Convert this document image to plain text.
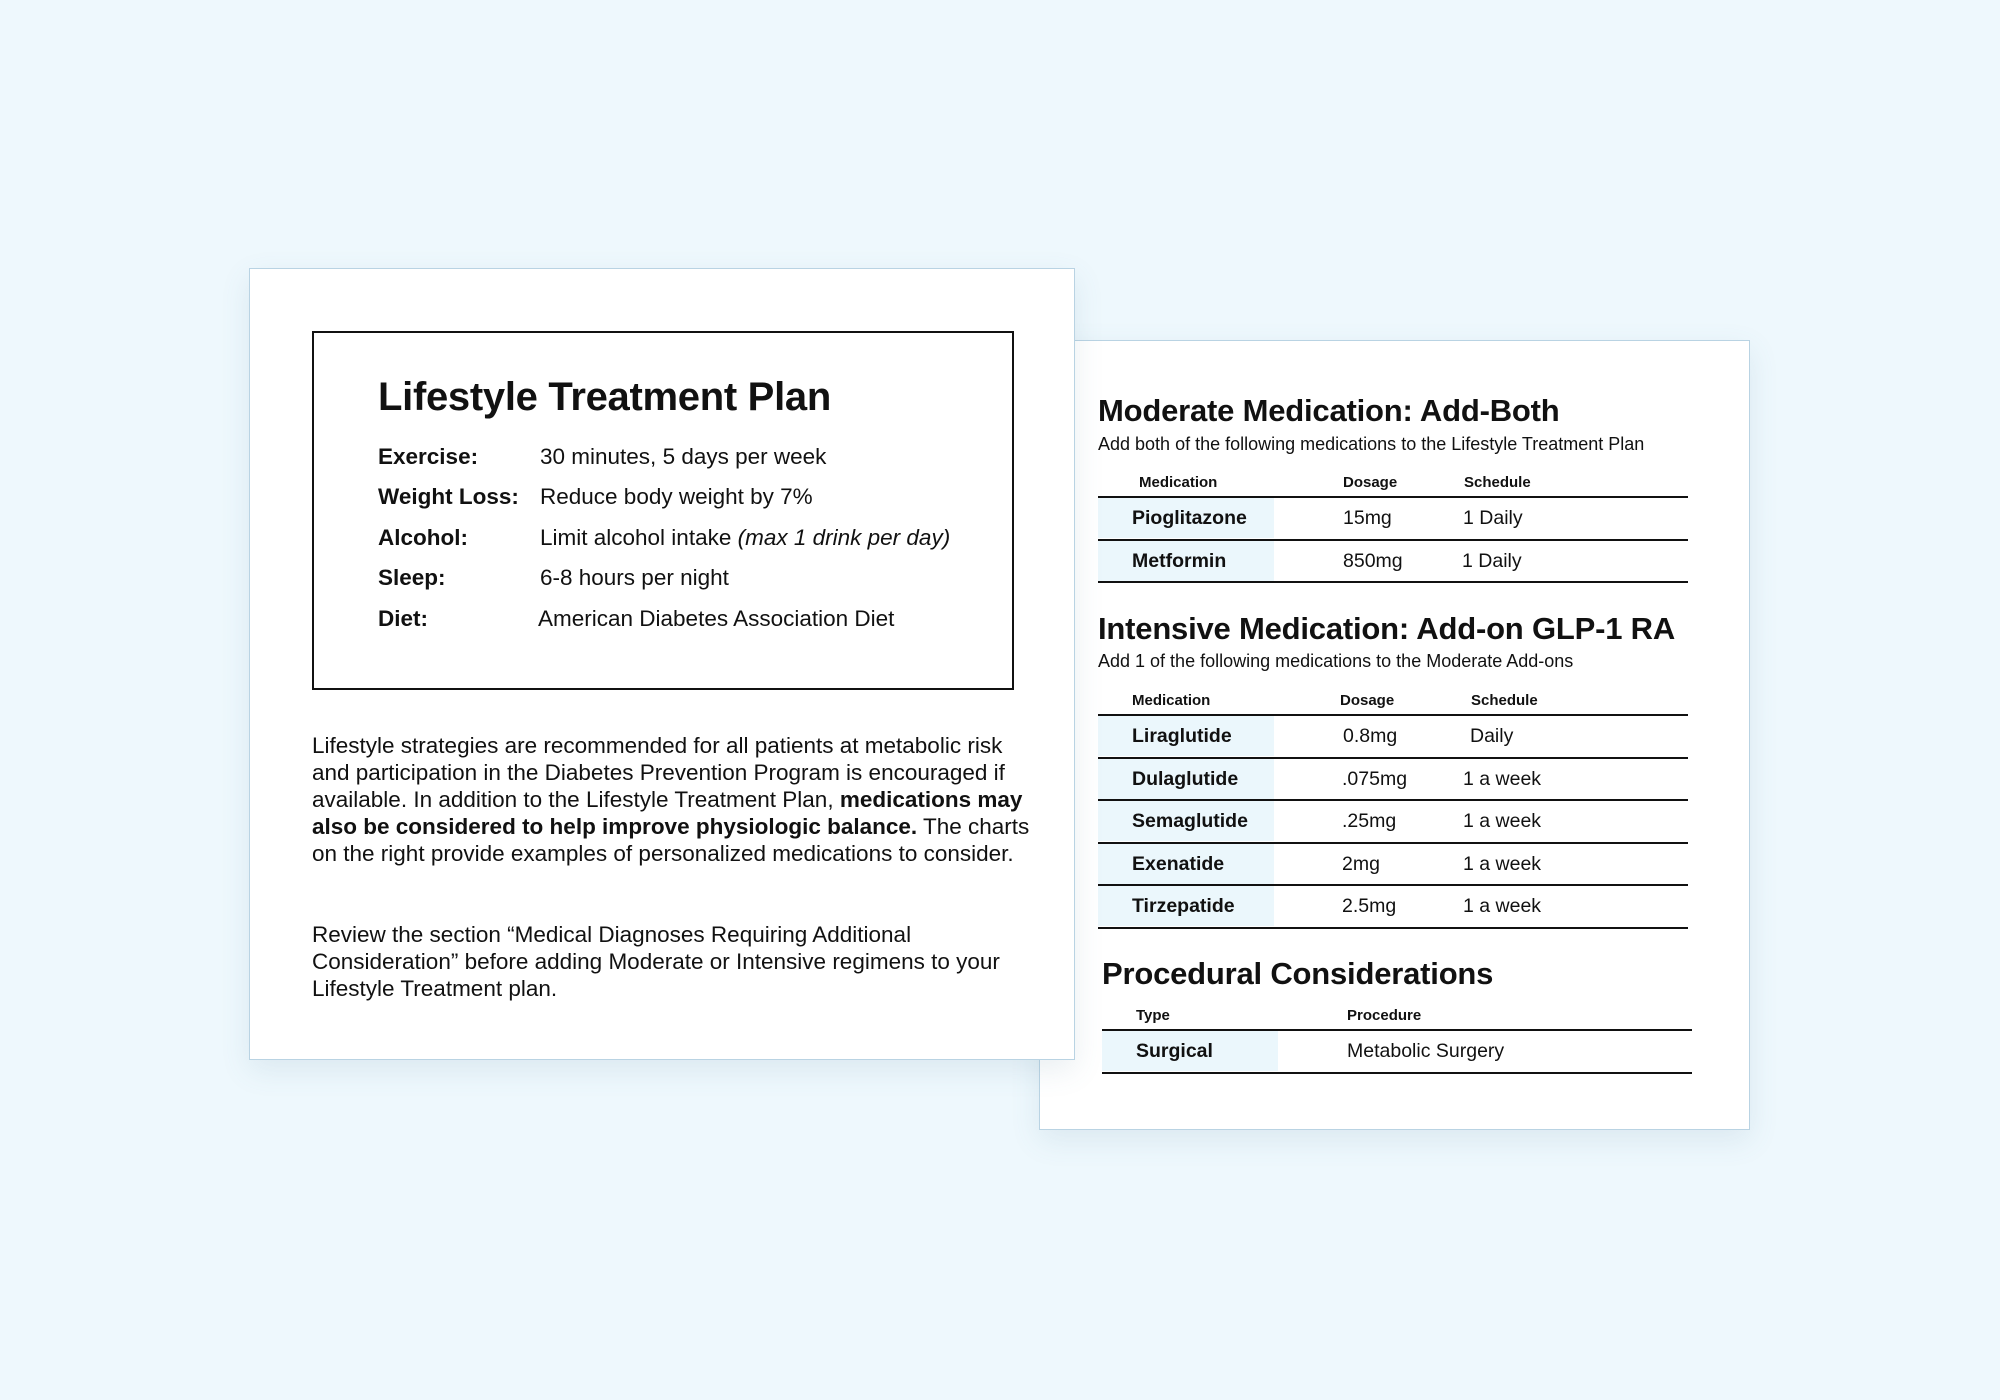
Moderate Medication: Add-Both
Add both of the following medications to the Lifestyle Treatment Plan
Medication	Dosage	Schedule
Pioglitazone	15mg	1 Daily
Metformin	850mg	1 Daily
Intensive Medication: Add-on GLP-1 RA
Add 1 of the following medications to the Moderate Add-ons
Medication	Dosage	Schedule
Liraglutide	0.8mg	Daily
Dulaglutide	.075mg	1 a week
Semaglutide	.25mg	1 a week
Exenatide	2mg	1 a week
Tirzepatide	2.5mg	1 a week
Procedural Considerations
Type	Procedure
Surgical	Metabolic Surgery
Lifestyle Treatment Plan
Exercise:	30 minutes, 5 days per week
Weight Loss: Reduce body weight by 7%
Alcohol:	Limit alcohol intake (max 1 drink per day)
Sleep:	6-8 hours per night
Diet:	American Diabetes Association Diet

Lifestyle strategies are recommended for all patients at metabolic risk and participation in the Diabetes Prevention Program is encouraged if available. In addition to the Lifestyle Treatment Plan, medications may also be considered to help improve physiologic balance. The charts on the right provide examples of personalized medications to consider.

Review the section “Medical Diagnoses Requiring Additional Consideration” before adding Moderate or Intensive regimens to your Lifestyle Treatment plan.
